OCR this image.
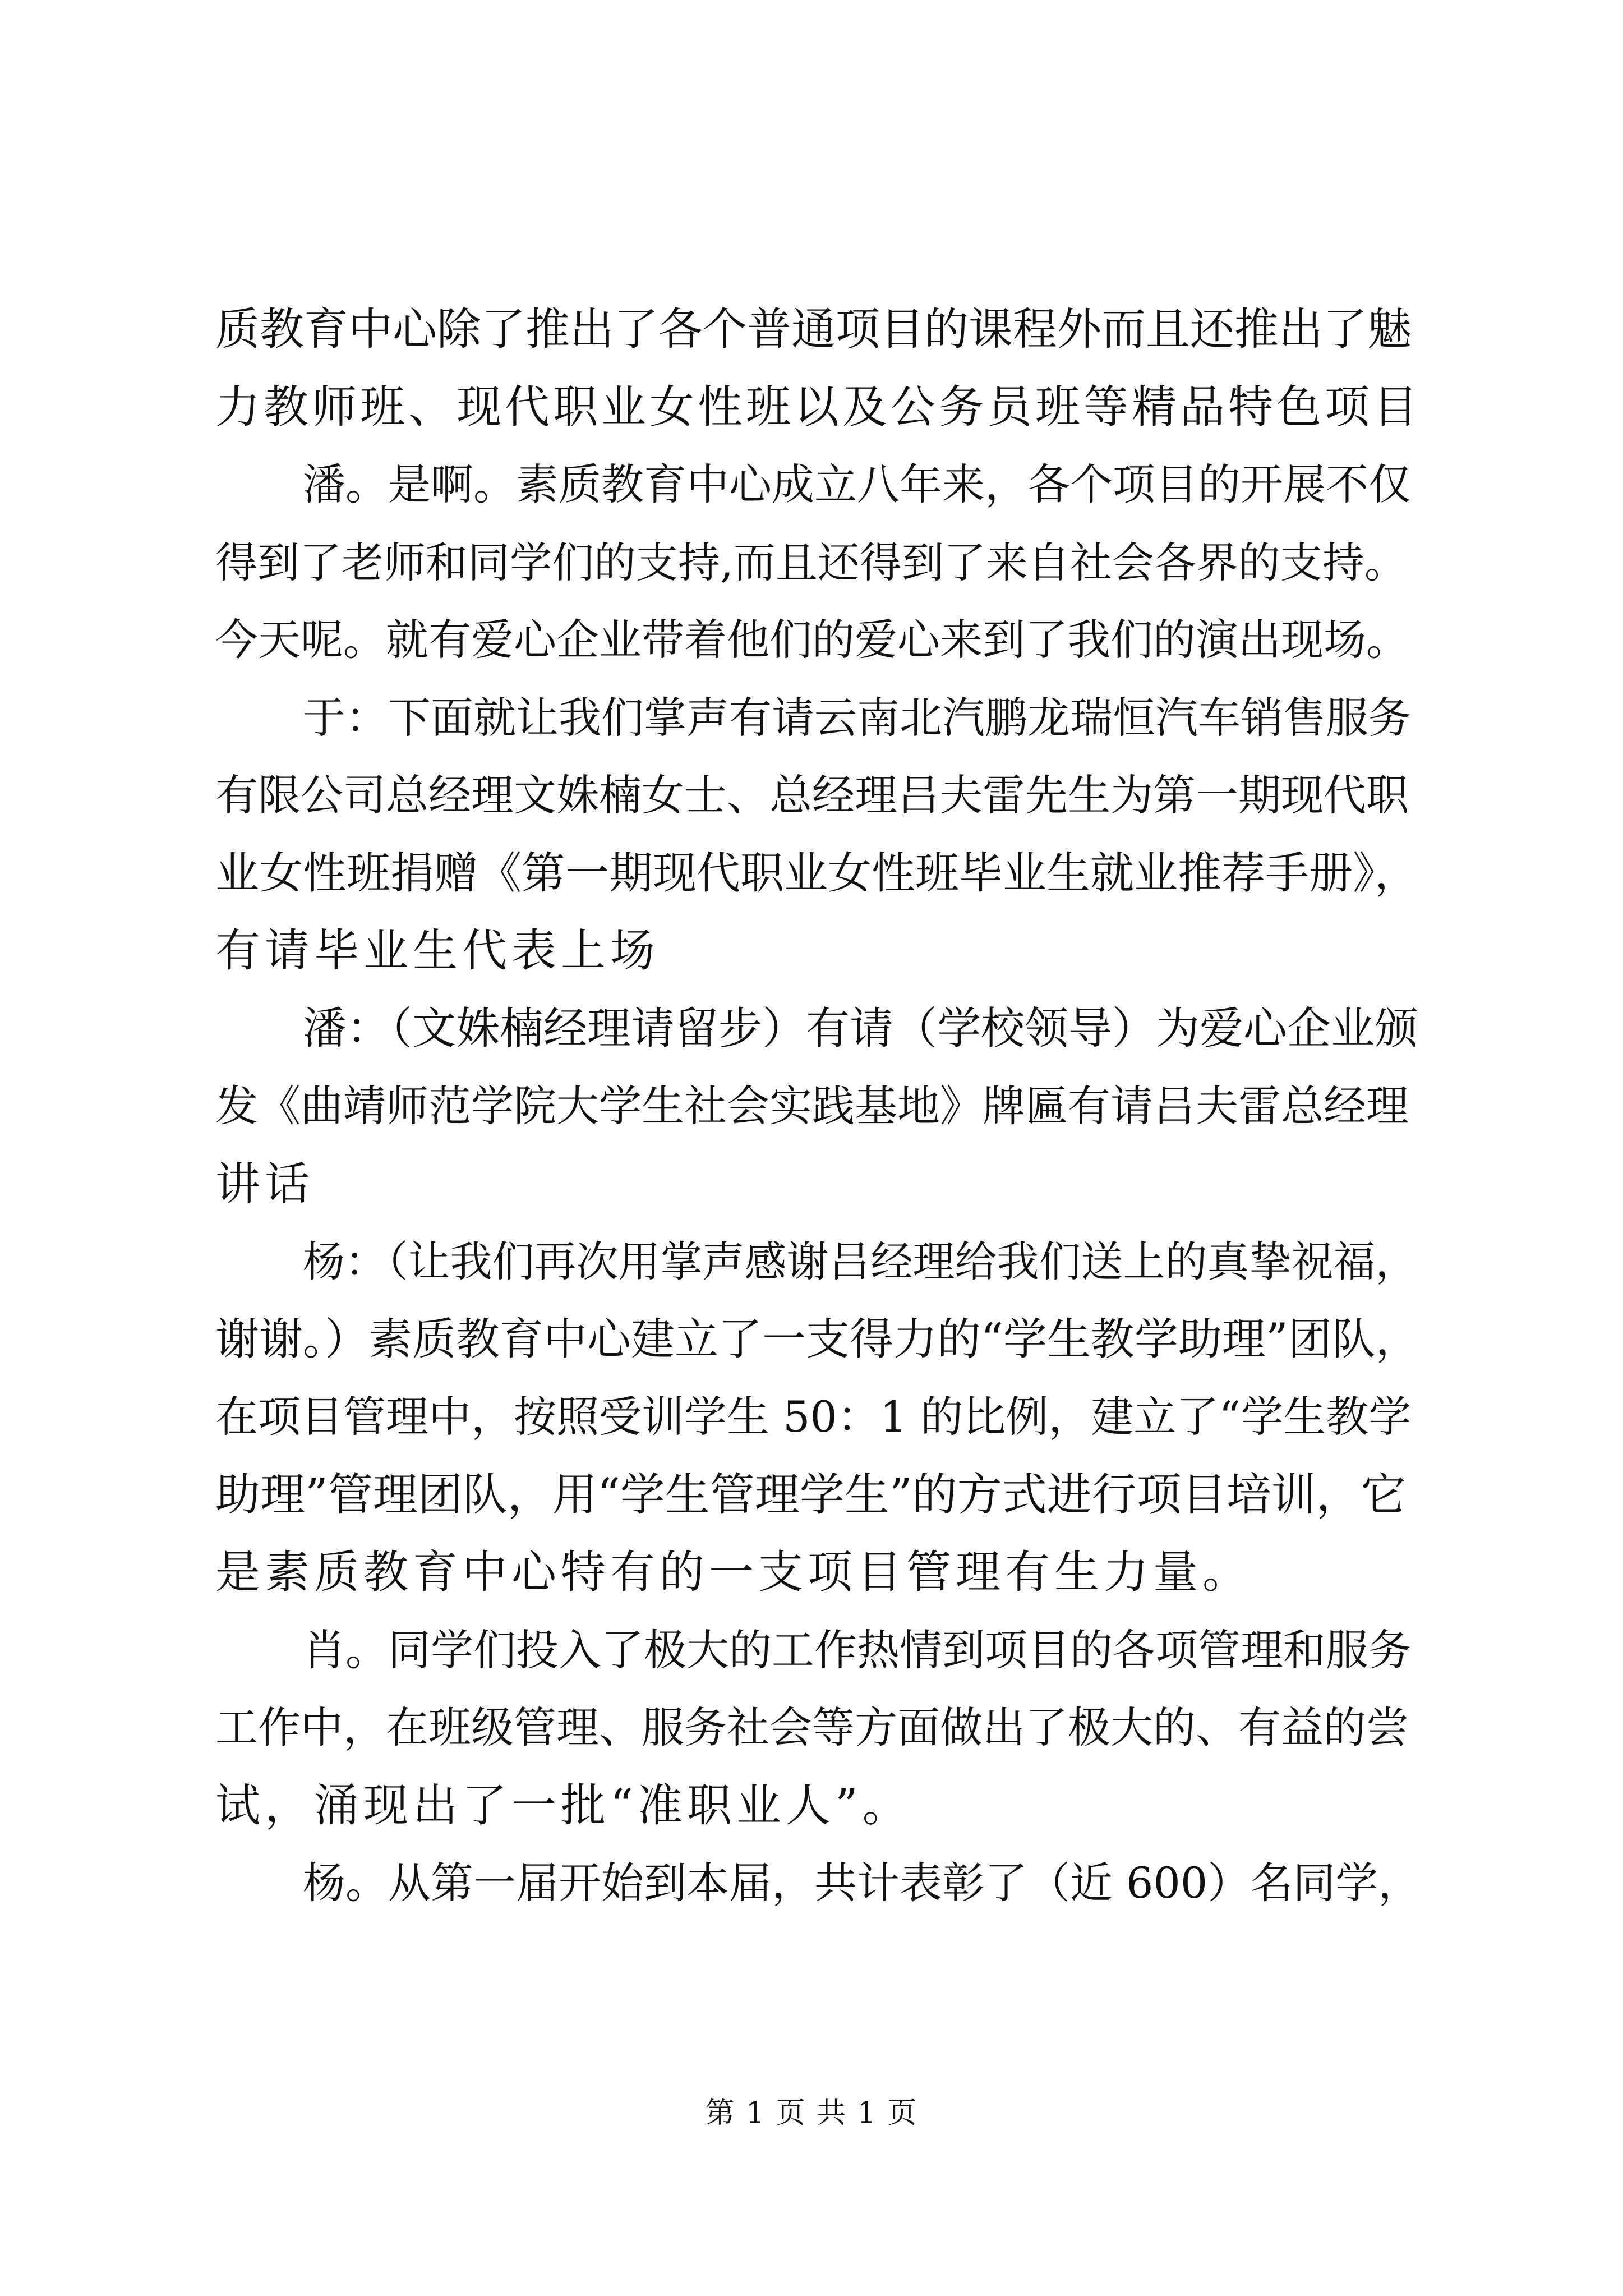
质教育中心除了推出了各个普通项目的课程外而且还推出了魅
力教师班、现代职业女性班以及公务员班等精品特色项目
潘。是啊。素质教育中心成立八年来，各个项目的开展不仅
得到了老师和同学们的支持,而且还得到了来自社会各界的支持。
今天呢。就有爱心企业带着他们的爱心来到了我们的演出现场。
于：下面就让我们掌声有请云南北汽鹏龙瑞恒汽车销售服务
有限公司总经理文姝楠女士、总经理吕夫雷先生为第一期现代职
业女性班捐赠《第一期现代职业女性班毕业生就业推荐手册》，
有请毕业生代表上场
潘：（文姝楠经理请留步）有请（学校领导）为爱心企业颁
发《曲靖师范学院大学生社会实践基地》牌匾有请吕夫雷总经理
讲话
杨：（让我们再次用掌声感谢吕经理给我们送上的真挚祝福，
谢谢。）素质教育中心建立了一支得力的“学生教学助理”团队，
在项目管理中，按照受训学生 50：1 的比例，建立了“学生教学
助理”管理团队，用“学生管理学生”的方式进行项目培训，它
是素质教育中心特有的一支项目管理有生力量。
肖。同学们投入了极大的工作热情到项目的各项管理和服务
工作中，在班级管理、服务社会等方面做出了极大的、有益的尝
试，涌现出了一批“准职业人”。
杨。从第一届开始到本届，共计表彰了（近 600）名同学，
第 1 页 共 1 页
